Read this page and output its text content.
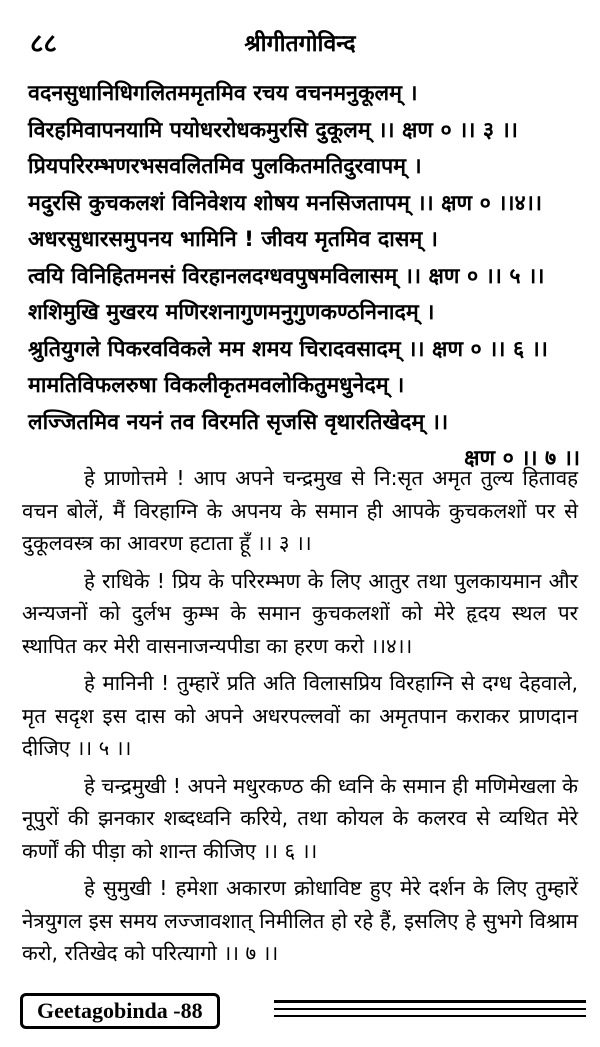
८८	श्रीगीतगोविन्द
वदनसुधानिधिगलितममृतमिव रचय वचनमनुकूलम् ।
विरहमिवापनयामि पयोधररोधकमुरसि दुकूलम् ।। क्षण ० ।। ३ ।।
प्रियपरिरम्भणरभसवलितमिव पुलकितमतिदुरवापम् ।
मदुरसि कुचकलशं विनिवेशय शोषय मनसिजतापम् ।। क्षण ० ।।४।।
अधरसुधारसमुपनय भामिनि ! जीवय मृतमिव दासम् ।
त्वयि विनिहितमनसं विरहानलदग्धवपुषमविलासम् ।। क्षण ० ।। ५ ।।
शशिमुखि मुखरय मणिरशनागुणमनुगुणकण्ठनिनादम् ।
श्रुतियुगले पिकरवविकले मम शमय चिरादवसादम् ।। क्षण ० ।। ६ ।।
मामतिविफलरुषा विकलीकृतमवलोकितुमधुनेदम् ।
लज्जितमिव नयनं तव विरमति सृजसि वृथारतिखेदम् ।।
क्षण ० ।। ७ ।।

हे प्राणोत्तमे ! आप अपने चन्द्रमुख से नि:सृत अमृत तुल्य हितावह वचन बोलें, मैं विरहाग्नि के अपनय के समान ही आपके कुचकलशों पर से दुकूलवस्त्र का आवरण हटाता हूँ ।। ३ ।।

हे राधिके ! प्रिय के परिरम्भण के लिए आतुर तथा पुलकायमान और अन्यजनों को दुर्लभ कुम्भ के समान कुचकलशों को मेरे हृदय स्थल पर स्थापित कर मेरी वासनाजन्यपीडा का हरण करो ।।४।।

हे मानिनी ! तुम्हारें प्रति अति विलासप्रिय विरहाग्नि से दग्ध देहवाले, मृत सदृश इस दास को अपने अधरपल्लवों का अमृतपान कराकर प्राणदान दीजिए ।। ५ ।।

हे चन्द्रमुखी ! अपने मधुरकण्ठ की ध्वनि के समान ही मणिमेखला के नूपुरों की झनकार शब्दध्वनि करिये, तथा कोयल के कलरव से व्यथित मेरे कर्णों की पीड़ा को शान्त कीजिए ।। ६ ।।

हे सुमुखी ! हमेशा अकारण क्रोधाविष्ट हुए मेरे दर्शन के लिए तुम्हारें नेत्रयुगल इस समय लज्जावशात् निमीलित हो रहे हैं, इसलिए हे सुभगे विश्राम करो, रतिखेद को परित्यागो ।। ७ ।।

Geetagobinda -88
